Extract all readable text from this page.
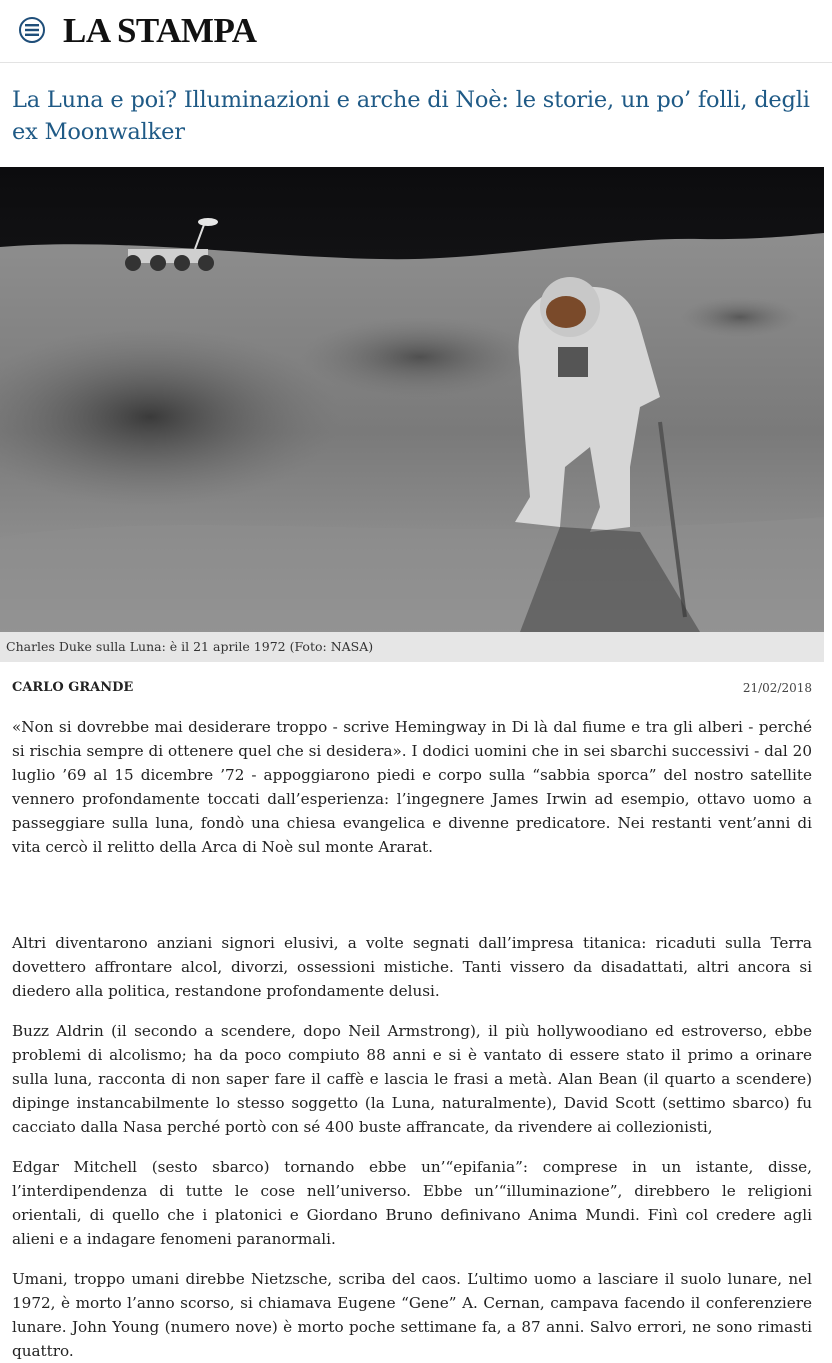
LA STAMPA
La Luna e poi? Illuminazioni e arche di Noè: le storie, un po’ folli, degli ex Moonwalker
Charles Duke sulla Luna: è il 21 aprile 1972 (Foto: NASA)
CARLO GRANDE	21/02/2018

«Non si dovrebbe mai desiderare troppo - scrive Hemingway in Di là dal fiume e tra gli alberi - perché si rischia sempre di ottenere quel che si desidera». I dodici uomini che in sei sbarchi successivi - dal 20 luglio ’69 al 15 dicembre ’72 - appoggiarono piedi e corpo sulla “sabbia sporca” del nostro satellite vennero profondamente toccati dall’esperienza: l’ingegnere James Irwin ad esempio, ottavo uomo a passeggiare sulla luna, fondò una chiesa evangelica e divenne predicatore. Nei restanti vent’anni di vita cercò il relitto della Arca di Noè sul monte Ararat.

Altri diventarono anziani signori elusivi, a volte segnati dall’impresa titanica: ricaduti sulla Terra dovettero affrontare alcol, divorzi, ossessioni mistiche. Tanti vissero da disadattati, altri ancora si diedero alla politica, restandone profondamente delusi.

Buzz Aldrin (il secondo a scendere, dopo Neil Armstrong), il più hollywoodiano ed estroverso, ebbe problemi di alcolismo; ha da poco compiuto 88 anni e si è vantato di essere stato il primo a orinare sulla luna, racconta di non saper fare il caffè e lascia le frasi a metà. Alan Bean (il quarto a scendere) dipinge instancabilmente lo stesso soggetto (la Luna, naturalmente), David Scott (settimo sbarco) fu cacciato dalla Nasa perché portò con sé 400 buste affrancate, da rivendere ai collezionisti,

Edgar Mitchell (sesto sbarco) tornando ebbe un’“epifania”: comprese in un istante, disse, l’interdipendenza di tutte le cose nell’universo. Ebbe un’“illuminazione”, direbbero le religioni orientali, di quello che i platonici e Giordano Bruno definivano Anima Mundi. Finì col credere agli alieni e a indagare fenomeni paranormali.

Umani, troppo umani direbbe Nietzsche, scriba del caos. L’ultimo uomo a lasciare il suolo lunare, nel 1972, è morto l’anno scorso, si chiamava Eugene “Gene” A. Cernan, campava facendo il conferenziere lunare. John Young (numero nove) è morto poche settimane fa, a 87 anni. Salvo errori, ne sono rimasti quattro.
